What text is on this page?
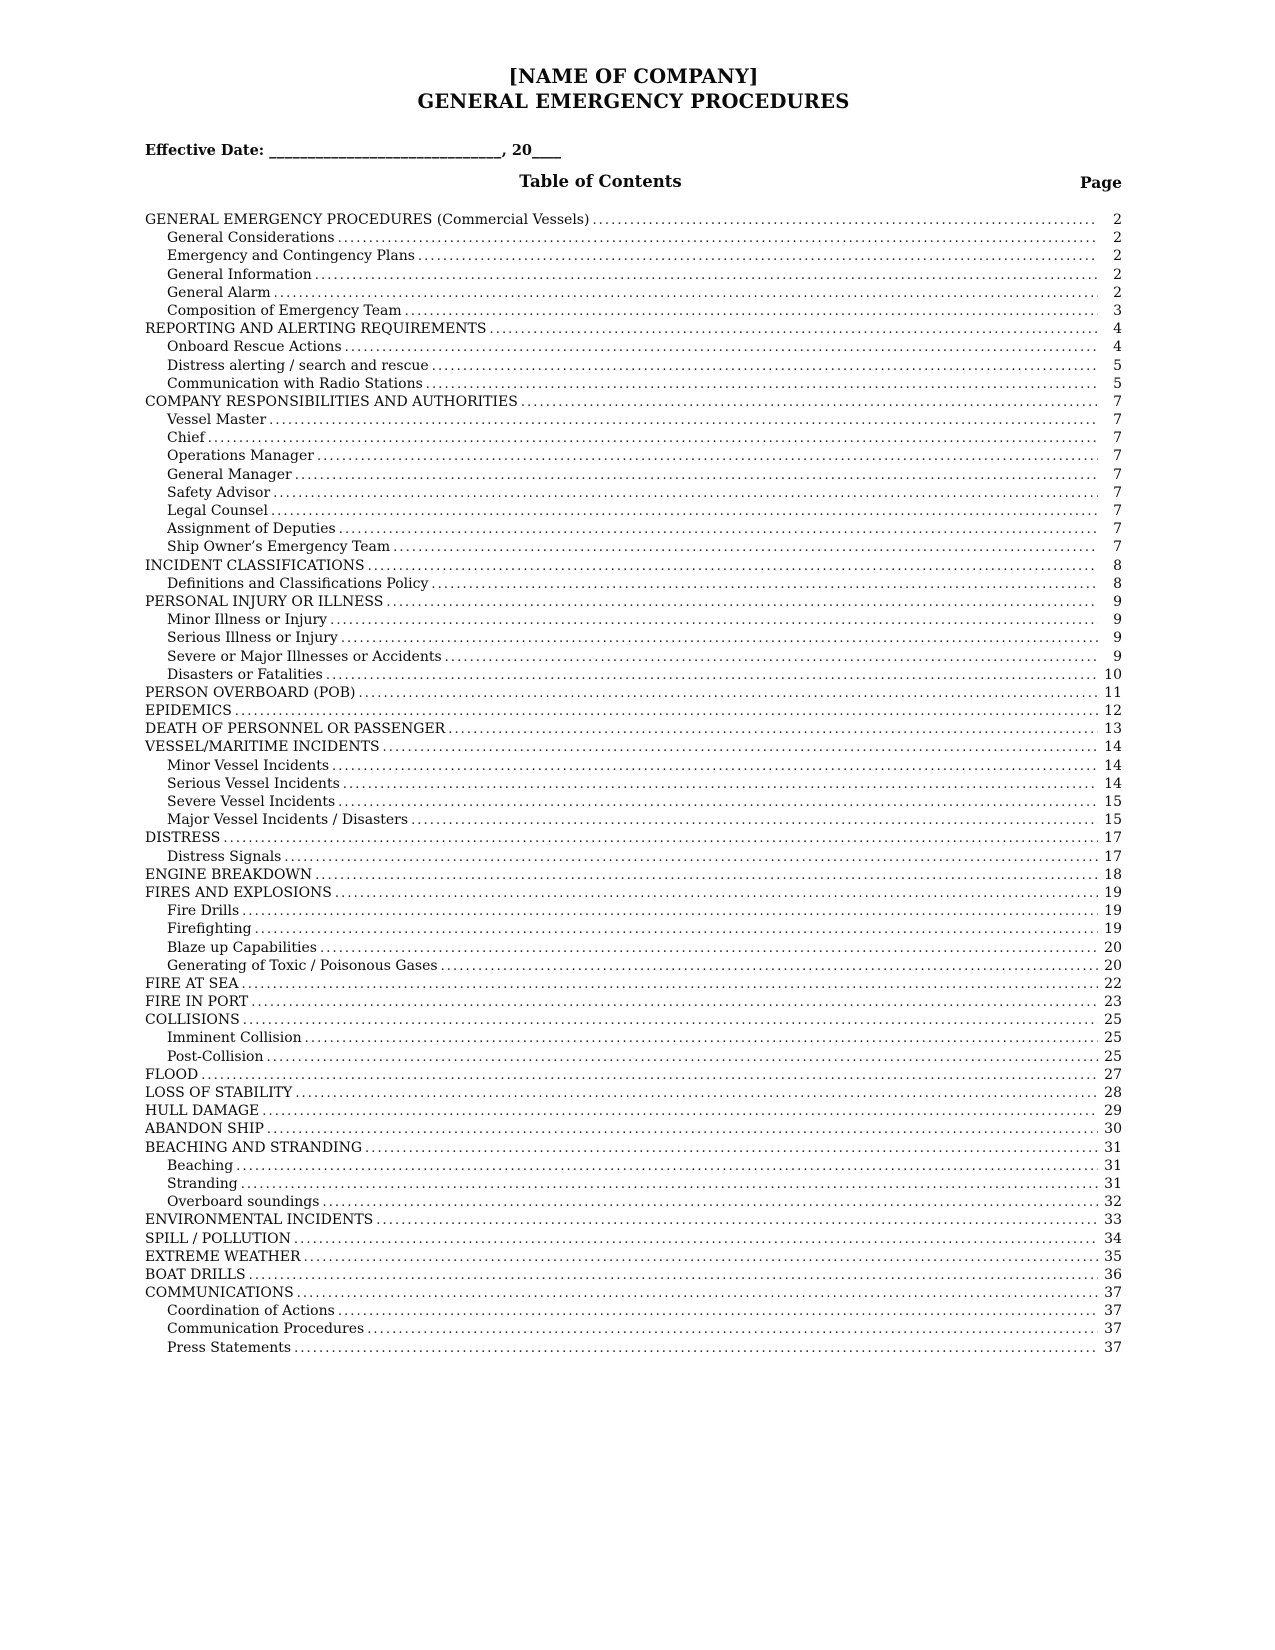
[NAME OF COMPANY]
GENERAL EMERGENCY PROCEDURES
Effective Date: ______________________________, 20____
Table of Contents	Page
GENERAL EMERGENCY PROCEDURES (Commercial Vessels) .....	2
General Considerations .....	2
Emergency and Contingency Plans .....	2
General Information .....	2
General Alarm .....	2
Composition of Emergency Team .....	3
REPORTING AND ALERTING REQUIREMENTS .....	4
Onboard Rescue Actions .....	4
Distress alerting / search and rescue .....	5
Communication with Radio Stations .....	5
COMPANY RESPONSIBILITIES AND AUTHORITIES .....	7
Vessel Master .....	7
Chief .....	7
Operations Manager .....	7
General Manager .....	7
Safety Advisor .....	7
Legal Counsel .....	7
Assignment of Deputies .....	7
Ship Owner’s Emergency Team .....	7
INCIDENT CLASSIFICATIONS .....	8
Definitions and Classifications Policy .....	8
PERSONAL INJURY OR ILLNESS .....	9
Minor Illness or Injury .....	9
Serious Illness or Injury .....	9
Severe or Major Illnesses or Accidents .....	9
Disasters or Fatalities .....	10
PERSON OVERBOARD (POB) .....	11
EPIDEMICS .....	12
DEATH OF PERSONNEL OR PASSENGER .....	13
VESSEL/MARITIME INCIDENTS .....	14
Minor Vessel Incidents .....	14
Serious Vessel Incidents .....	14
Severe Vessel Incidents .....	15
Major Vessel Incidents / Disasters .....	15
DISTRESS .....	17
Distress Signals .....	17
ENGINE BREAKDOWN .....	18
FIRES AND EXPLOSIONS .....	19
Fire Drills .....	19
Firefighting .....	19
Blaze up Capabilities .....	20
Generating of Toxic / Poisonous Gases .....	20
FIRE AT SEA .....	22
FIRE IN PORT .....	23
COLLISIONS .....	25
Imminent Collision .....	25
Post-Collision .....	25
FLOOD .....	27
LOSS OF STABILITY .....	28
HULL DAMAGE .....	29
ABANDON SHIP .....	30
BEACHING AND STRANDING .....	31
Beaching .....	31
Stranding .....	31
Overboard soundings .....	32
ENVIRONMENTAL INCIDENTS .....	33
SPILL / POLLUTION .....	34
EXTREME WEATHER .....	35
BOAT DRILLS .....	36
COMMUNICATIONS .....	37
Coordination of Actions .....	37
Communication Procedures .....	37
Press Statements .....	37
